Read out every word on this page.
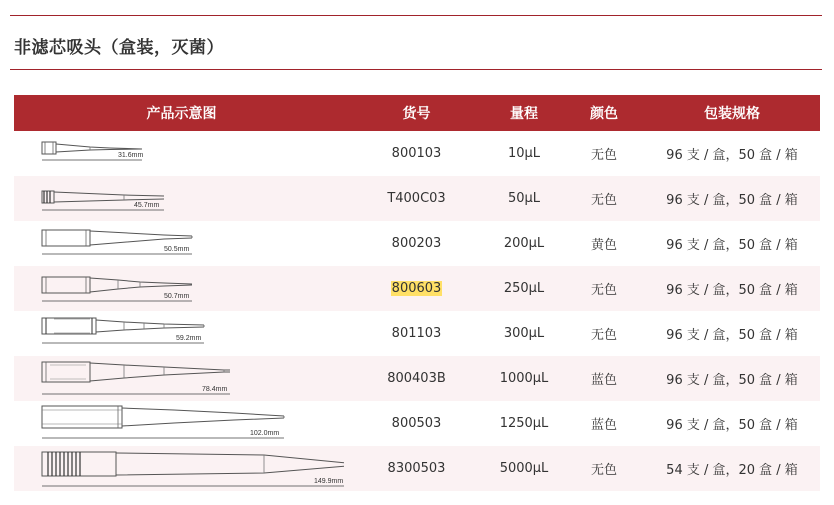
非滤芯吸头（盒装，灭菌）
产品示意图	货号	量程	颜色	包装规格

31.6mm	800103	10µL	无色	96 支 / 盒，50 盒 / 箱

45.7mm	T400C03	50µL	无色	96 支 / 盒，50 盒 / 箱

50.5mm	800203	200µL	黄色	96 支 / 盒，50 盒 / 箱

50.7mm	800603	250µL	无色	96 支 / 盒，50 盒 / 箱

59.2mm	801103	300µL	无色	96 支 / 盒，50 盒 / 箱

78.4mm	800403B	1000µL	蓝色	96 支 / 盒，50 盒 / 箱

102.0mm	800503	1250µL	蓝色	96 支 / 盒，50 盒 / 箱

149.9mm	8300503	5000µL	无色	54 支 / 盒，20 盒 / 箱
